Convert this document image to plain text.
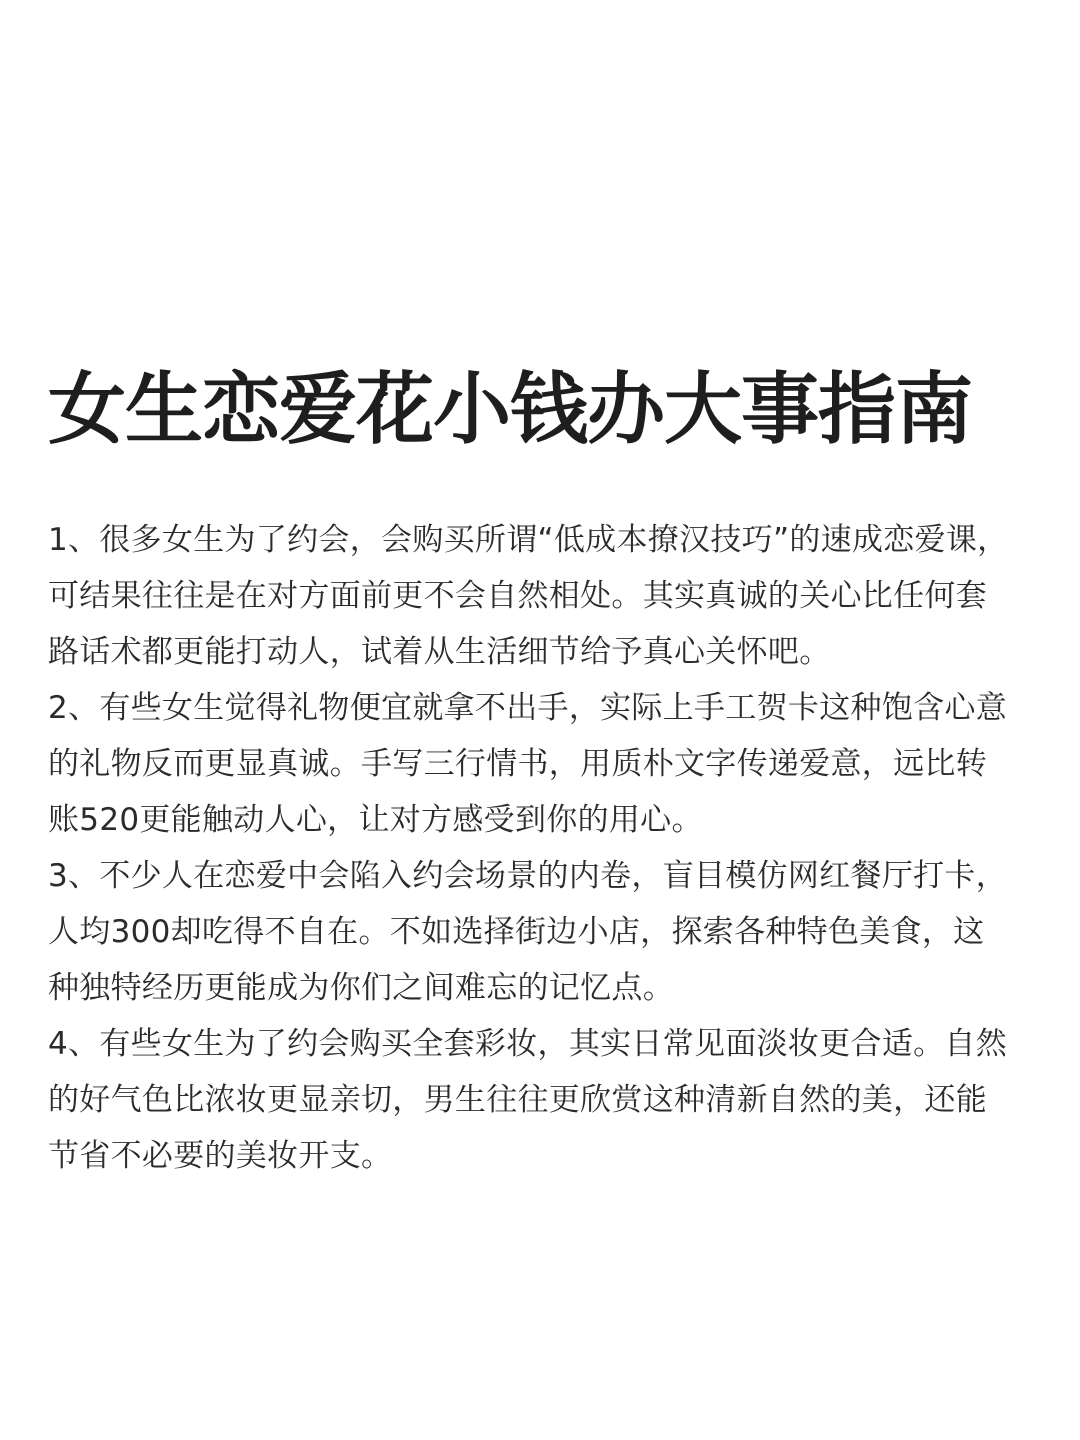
女生恋爱花小钱办大事指南

1、很多女生为了约会，会购买所谓“低成本撩汉技巧”的速成恋爱课，
可结果往往是在对方面前更不会自然相处。其实真诚的关心比任何套
路话术都更能打动人，试着从生活细节给予真心关怀吧。

2、有些女生觉得礼物便宜就拿不出手，实际上手工贺卡这种饱含心意
的礼物反而更显真诚。手写三行情书，用质朴文字传递爱意，远比转
账520更能触动人心，让对方感受到你的用心。

3、不少人在恋爱中会陷入约会场景的内卷，盲目模仿网红餐厅打卡，
人均300却吃得不自在。不如选择街边小店，探索各种特色美食，这
种独特经历更能成为你们之间难忘的记忆点。

4、有些女生为了约会购买全套彩妆，其实日常见面淡妆更合适。自然
的好气色比浓妆更显亲切，男生往往更欣赏这种清新自然的美，还能
节省不必要的美妆开支。
